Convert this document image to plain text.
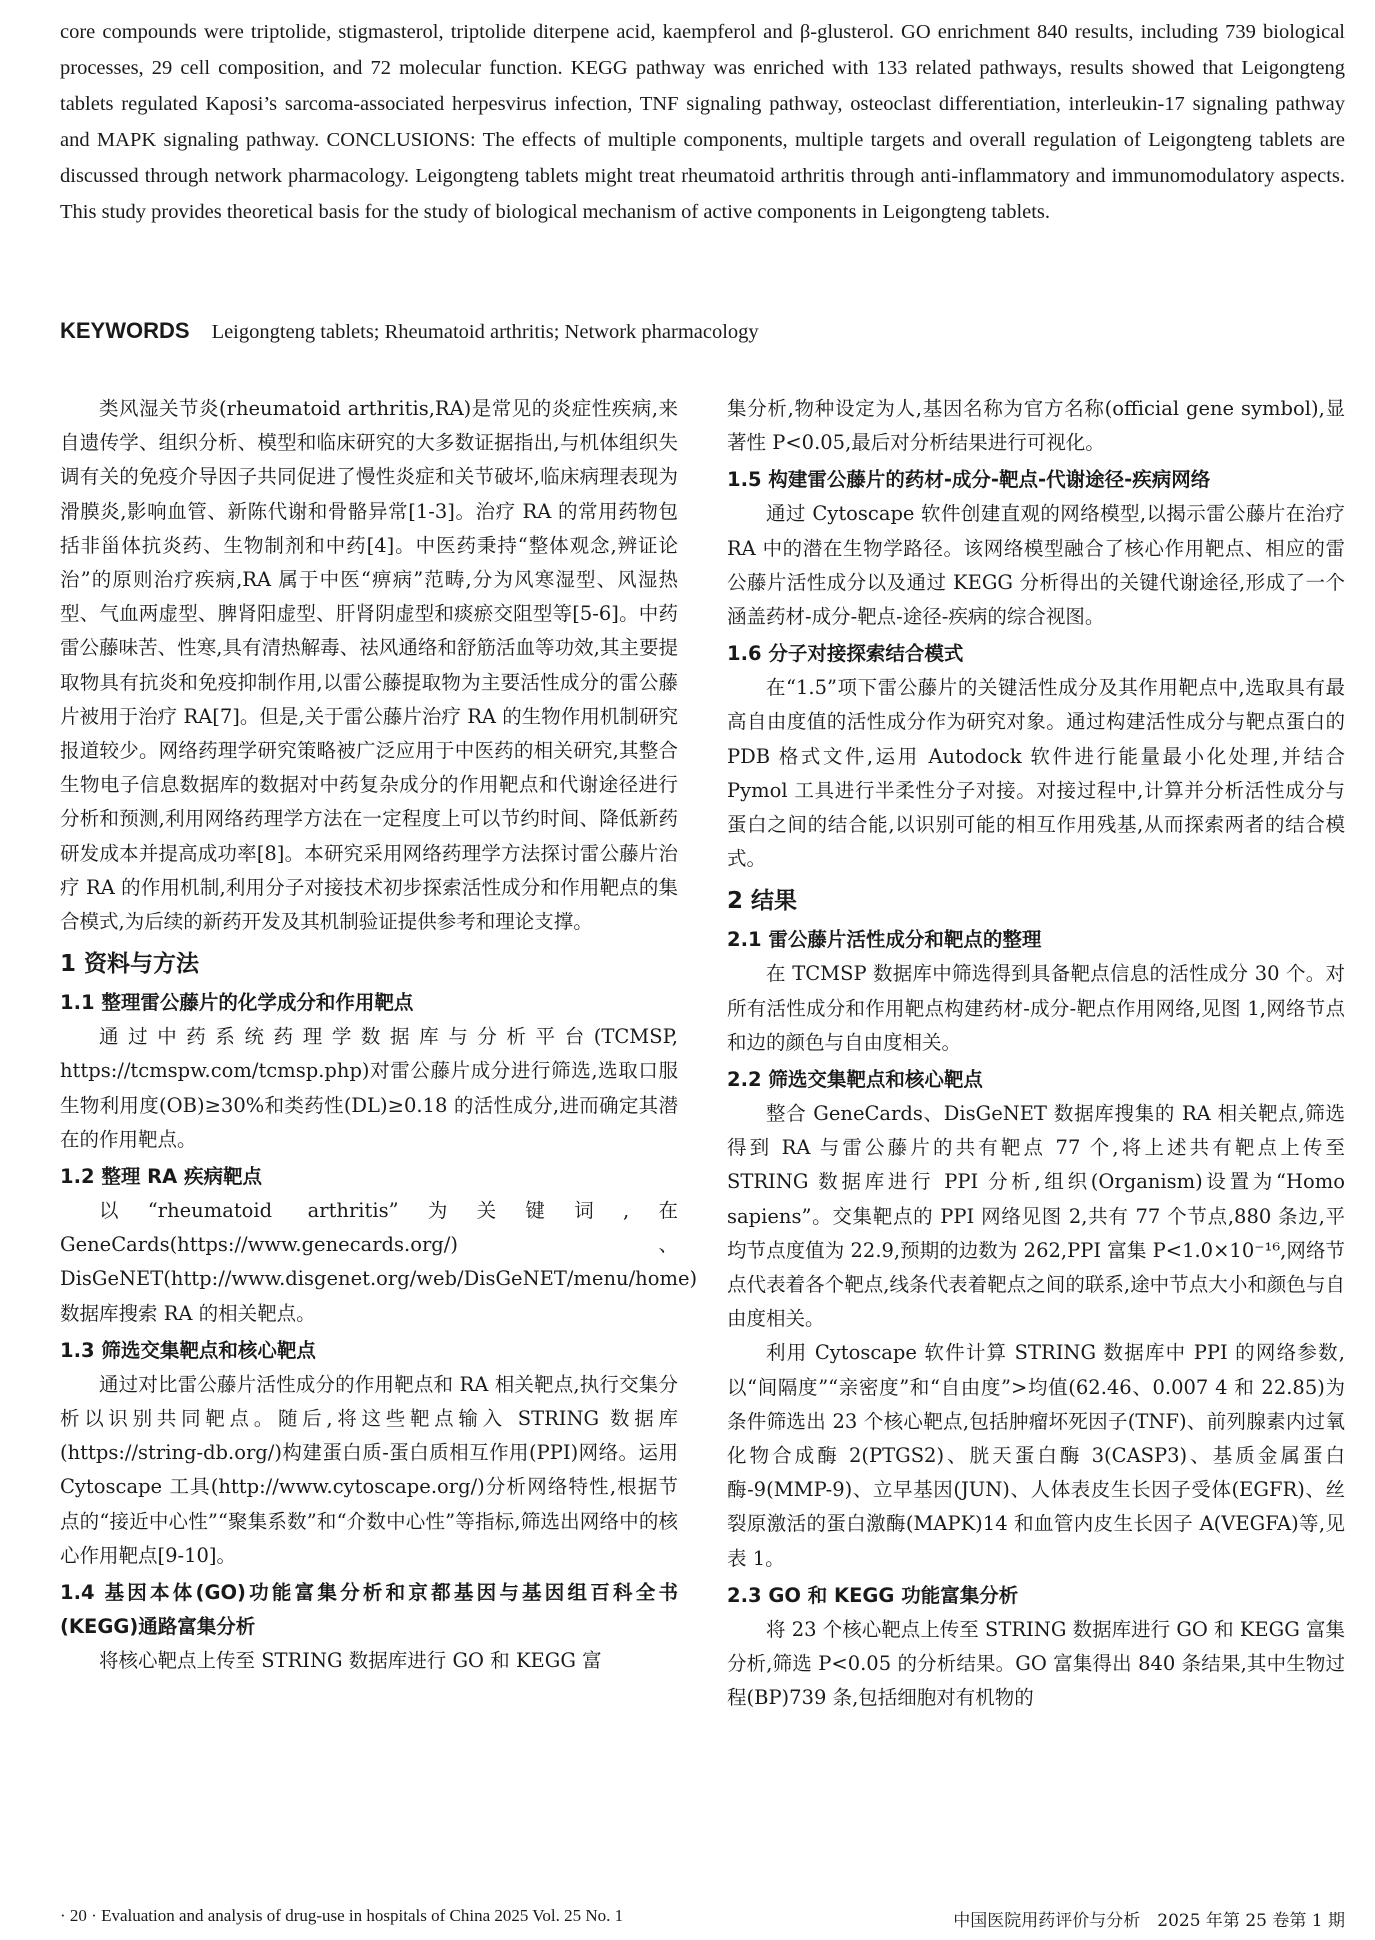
core compounds were triptolide, stigmasterol, triptolide diterpene acid, kaempferol and β-glusterol. GO enrichment 840 results, including 739 biological processes, 29 cell composition, and 72 molecular function. KEGG pathway was enriched with 133 related pathways, results showed that Leigongteng tablets regulated Kaposi’s sarcoma-associated herpesvirus infection, TNF signaling pathway, osteoclast differentiation, interleukin-17 signaling pathway and MAPK signaling pathway. CONCLUSIONS: The effects of multiple components, multiple targets and overall regulation of Leigongteng tablets are discussed through network pharmacology. Leigongteng tablets might treat rheumatoid arthritis through anti-inflammatory and immunomodulatory aspects. This study provides theoretical basis for the study of biological mechanism of active components in Leigongteng tablets.
KEYWORDS Leigongteng tablets; Rheumatoid arthritis; Network pharmacology

类风湿关节炎(rheumatoid arthritis,RA)是常见的炎症性疾病,来自遗传学、组织分析、模型和临床研究的大多数证据指出,与机体组织失调有关的免疫介导因子共同促进了慢性炎症和关节破坏,临床病理表现为滑膜炎,影响血管、新陈代谢和骨骼异常[1-3]。治疗 RA 的常用药物包括非甾体抗炎药、生物制剂和中药[4]。中医药秉持“整体观念,辨证论治”的原则治疗疾病,RA 属于中医“痹病”范畴,分为风寒湿型、风湿热型、气血两虚型、脾肾阳虚型、肝肾阴虚型和痰瘀交阻型等[5-6]。中药雷公藤味苦、性寒,具有清热解毒、祛风通络和舒筋活血等功效,其主要提取物具有抗炎和免疫抑制作用,以雷公藤提取物为主要活性成分的雷公藤片被用于治疗 RA[7]。但是,关于雷公藤片治疗 RA 的生物作用机制研究报道较少。网络药理学研究策略被广泛应用于中医药的相关研究,其整合生物电子信息数据库的数据对中药复杂成分的作用靶点和代谢途径进行分析和预测,利用网络药理学方法在一定程度上可以节约时间、降低新药研发成本并提高成功率[8]。本研究采用网络药理学方法探讨雷公藤片治疗 RA 的作用机制,利用分子对接技术初步探索活性成分和作用靶点的集合模式,为后续的新药开发及其机制验证提供参考和理论支撑。

1 资料与方法
1.1 整理雷公藤片的化学成分和作用靶点

通过中药系统药理学数据库与分析平台(TCMSP, https://tcmspw.com/tcmsp.php)对雷公藤片成分进行筛选,选取口服生物利用度(OB)≥30%和类药性(DL)≥0.18 的活性成分,进而确定其潜在的作用靶点。

1.2 整理 RA 疾病靶点

以“rheumatoid arthritis”为关键词,在 GeneCards(https://www.genecards.org/)、DisGeNET(http://www.disgenet.org/web/DisGeNET/menu/home)数据库搜索 RA 的相关靶点。

1.3 筛选交集靶点和核心靶点

通过对比雷公藤片活性成分的作用靶点和 RA 相关靶点,执行交集分析以识别共同靶点。随后,将这些靶点输入 STRING 数据库(https://string-db.org/)构建蛋白质-蛋白质相互作用(PPI)网络。运用 Cytoscape 工具(http://www.cytoscape.org/)分析网络特性,根据节点的“接近中心性”“聚集系数”和“介数中心性”等指标,筛选出网络中的核心作用靶点[9-10]。

1.4 基因本体(GO)功能富集分析和京都基因与基因组百科全书(KEGG)通路富集分析

将核心靶点上传至 STRING 数据库进行 GO 和 KEGG 富

集分析,物种设定为人,基因名称为官方名称(official gene symbol),显著性 P<0.05,最后对分析结果进行可视化。

1.5 构建雷公藤片的药材-成分-靶点-代谢途径-疾病网络

通过 Cytoscape 软件创建直观的网络模型,以揭示雷公藤片在治疗 RA 中的潜在生物学路径。该网络模型融合了核心作用靶点、相应的雷公藤片活性成分以及通过 KEGG 分析得出的关键代谢途径,形成了一个涵盖药材-成分-靶点-途径-疾病的综合视图。

1.6 分子对接探索结合模式

在“1.5”项下雷公藤片的关键活性成分及其作用靶点中,选取具有最高自由度值的活性成分作为研究对象。通过构建活性成分与靶点蛋白的 PDB 格式文件,运用 Autodock 软件进行能量最小化处理,并结合 Pymol 工具进行半柔性分子对接。对接过程中,计算并分析活性成分与蛋白之间的结合能,以识别可能的相互作用残基,从而探索两者的结合模式。

2 结果
2.1 雷公藤片活性成分和靶点的整理

在 TCMSP 数据库中筛选得到具备靶点信息的活性成分 30 个。对所有活性成分和作用靶点构建药材-成分-靶点作用网络,见图 1,网络节点和边的颜色与自由度相关。

2.2 筛选交集靶点和核心靶点

整合 GeneCards、DisGeNET 数据库搜集的 RA 相关靶点,筛选得到 RA 与雷公藤片的共有靶点 77 个,将上述共有靶点上传至 STRING 数据库进行 PPI 分析,组织(Organism)设置为“Homo sapiens”。交集靶点的 PPI 网络见图 2,共有 77 个节点,880 条边,平均节点度值为 22.9,预期的边数为 262,PPI 富集 P<1.0×10⁻¹⁶,网络节点代表着各个靶点,线条代表着靶点之间的联系,途中节点大小和颜色与自由度相关。

利用 Cytoscape 软件计算 STRING 数据库中 PPI 的网络参数,以“间隔度”“亲密度”和“自由度”>均值(62.46、0.007 4 和 22.85)为条件筛选出 23 个核心靶点,包括肿瘤坏死因子(TNF)、前列腺素内过氧化物合成酶 2(PTGS2)、胱天蛋白酶 3(CASP3)、基质金属蛋白酶-9(MMP-9)、立早基因(JUN)、人体表皮生长因子受体(EGFR)、丝裂原激活的蛋白激酶(MAPK)14 和血管内皮生长因子 A(VEGFA)等,见表 1。

2.3 GO 和 KEGG 功能富集分析

将 23 个核心靶点上传至 STRING 数据库进行 GO 和 KEGG 富集分析,筛选 P<0.05 的分析结果。GO 富集得出 840 条结果,其中生物过程(BP)739 条,包括细胞对有机物的

· 20 · Evaluation and analysis of drug-use in hospitals of China 2025 Vol. 25 No. 1	中国医院用药评价与分析　2025 年第 25 卷第 1 期
